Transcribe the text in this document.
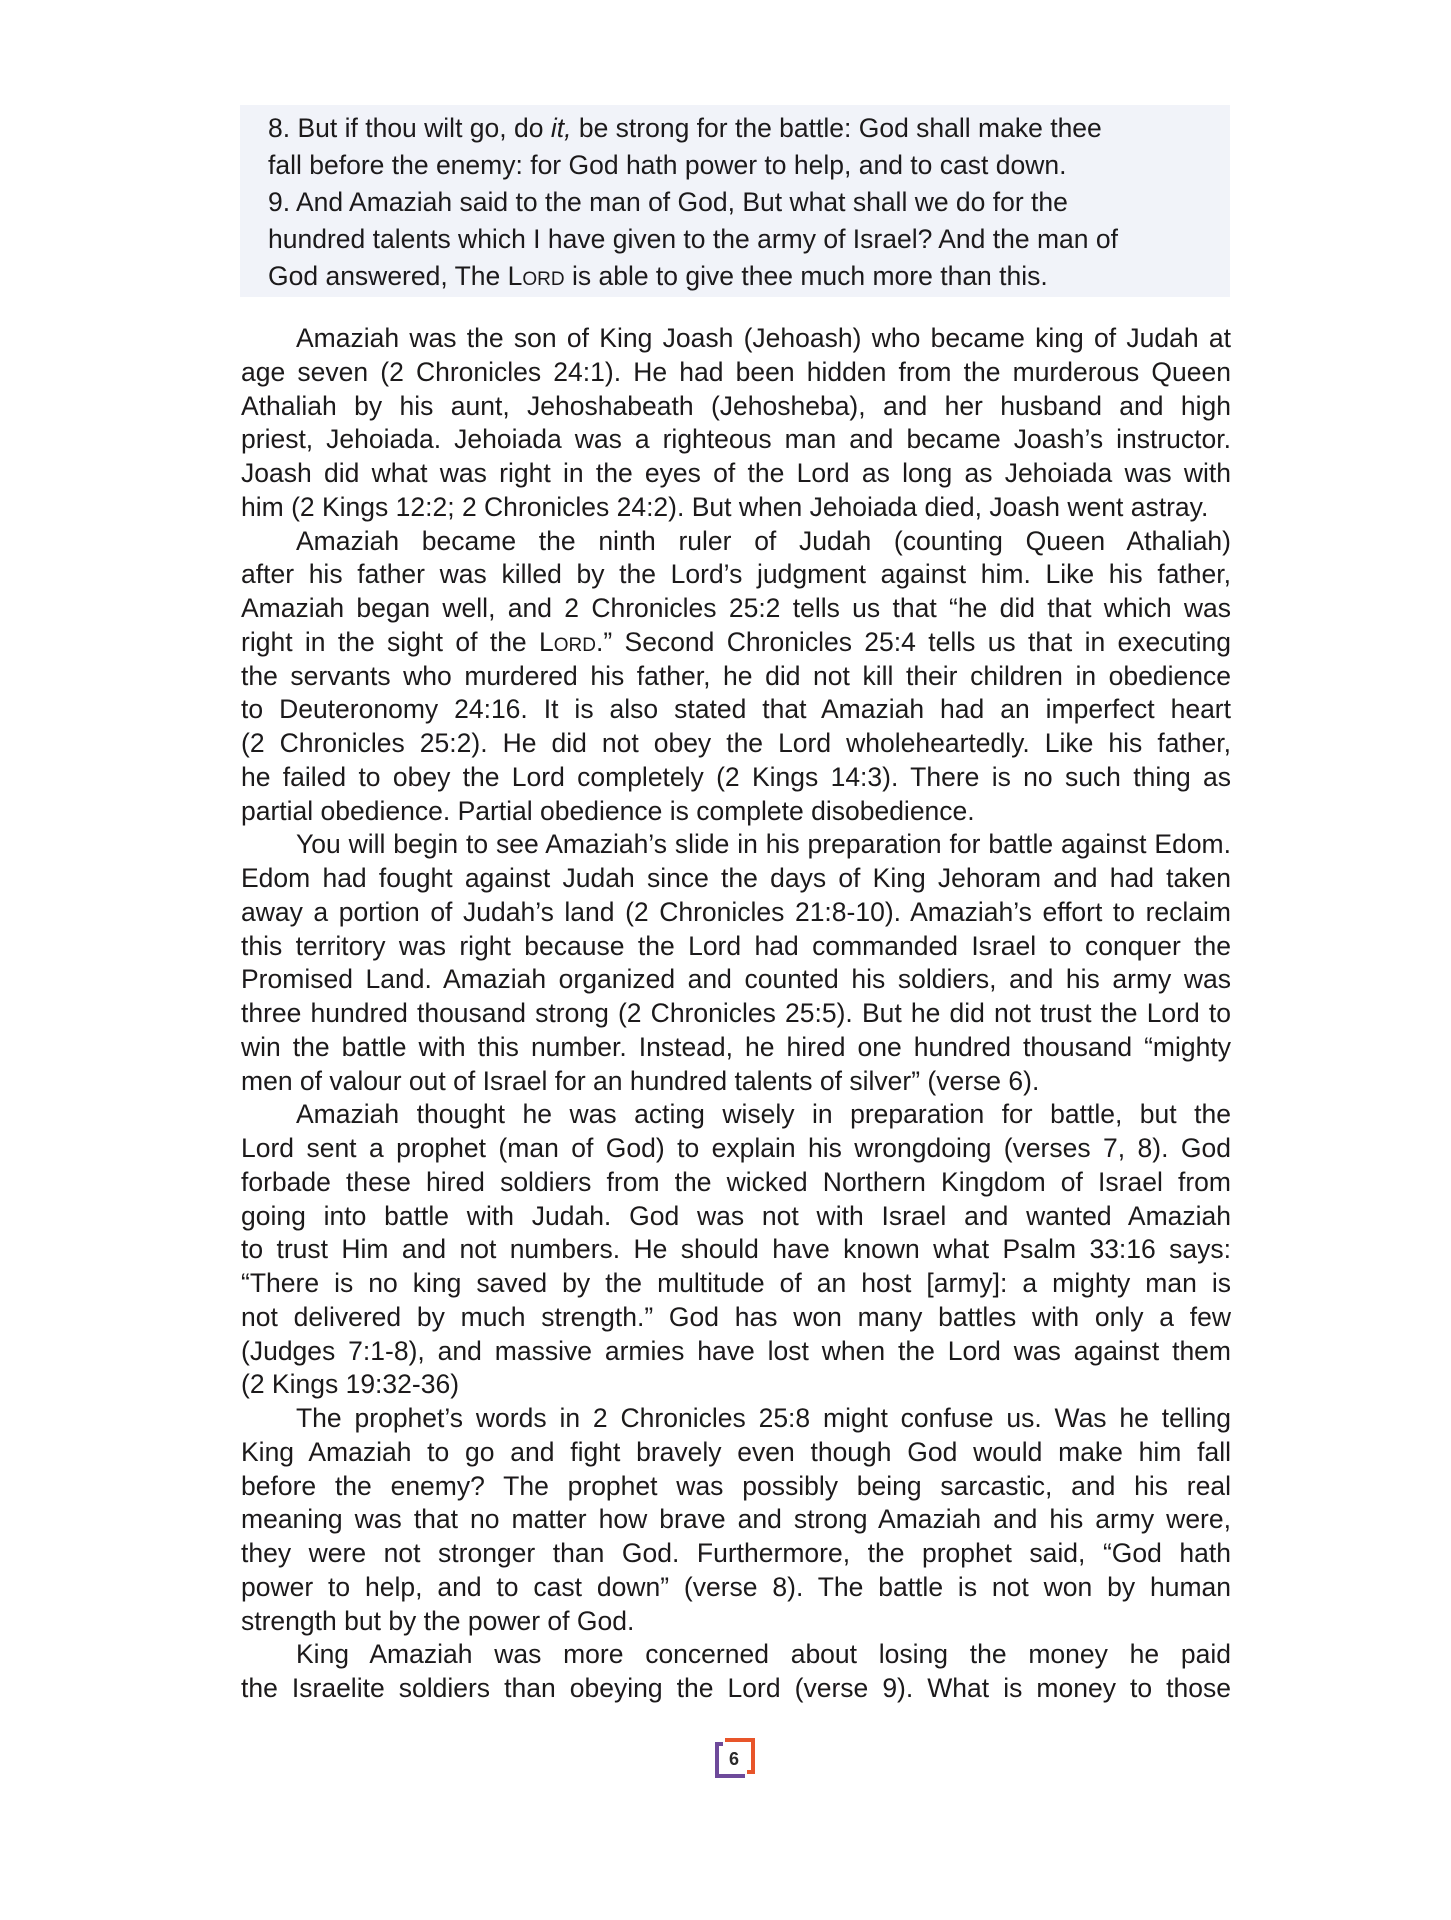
8. But if thou wilt go, do it, be strong for the battle: God shall make thee
fall before the enemy: for God hath power to help, and to cast down.
9. And Amaziah said to the man of God, But what shall we do for the
hundred talents which I have given to the army of Israel? And the man of
God answered, The Lord is able to give thee much more than this.
Amaziah was the son of King Joash (Jehoash) who became king of Judah at
age seven (2 Chronicles 24:1). He had been hidden from the murderous Queen
Athaliah by his aunt, Jehoshabeath (Jehosheba), and her husband and high
priest, Jehoiada. Jehoiada was a righteous man and became Joash’s instructor.
Joash did what was right in the eyes of the Lord as long as Jehoiada was with
him (2 Kings 12:2; 2 Chronicles 24:2). But when Jehoiada died, Joash went astray.
Amaziah became the ninth ruler of Judah (counting Queen Athaliah)
after his father was killed by the Lord’s judgment against him. Like his father,
Amaziah began well, and 2 Chronicles 25:2 tells us that “he did that which was
right in the sight of the Lord.” Second Chronicles 25:4 tells us that in executing
the servants who murdered his father, he did not kill their children in obedience
to Deuteronomy 24:16. It is also stated that Amaziah had an imperfect heart
(2 Chronicles 25:2). He did not obey the Lord wholeheartedly. Like his father,
he failed to obey the Lord completely (2 Kings 14:3). There is no such thing as
partial obedience. Partial obedience is complete disobedience.
You will begin to see Amaziah’s slide in his preparation for battle against Edom.
Edom had fought against Judah since the days of King Jehoram and had taken
away a portion of Judah’s land (2 Chronicles 21:8-10). Amaziah’s effort to reclaim
this territory was right because the Lord had commanded Israel to conquer the
Promised Land. Amaziah organized and counted his soldiers, and his army was
three hundred thousand strong (2 Chronicles 25:5). But he did not trust the Lord to
win the battle with this number. Instead, he hired one hundred thousand “mighty
men of valour out of Israel for an hundred talents of silver” (verse 6).
Amaziah thought he was acting wisely in preparation for battle, but the
Lord sent a prophet (man of God) to explain his wrongdoing (verses 7, 8). God
forbade these hired soldiers from the wicked Northern Kingdom of Israel from
going into battle with Judah. God was not with Israel and wanted Amaziah
to trust Him and not numbers. He should have known what Psalm 33:16 says:
“There is no king saved by the multitude of an host [army]: a mighty man is
not delivered by much strength.” God has won many battles with only a few
(Judges 7:1-8), and massive armies have lost when the Lord was against them
(2 Kings 19:32-36)
The prophet’s words in 2 Chronicles 25:8 might confuse us. Was he telling
King Amaziah to go and fight bravely even though God would make him fall
before the enemy? The prophet was possibly being sarcastic, and his real
meaning was that no matter how brave and strong Amaziah and his army were,
they were not stronger than God. Furthermore, the prophet said, “God hath
power to help, and to cast down” (verse 8). The battle is not won by human
strength but by the power of God.
King Amaziah was more concerned about losing the money he paid
the Israelite soldiers than obeying the Lord (verse 9). What is money to those
6
